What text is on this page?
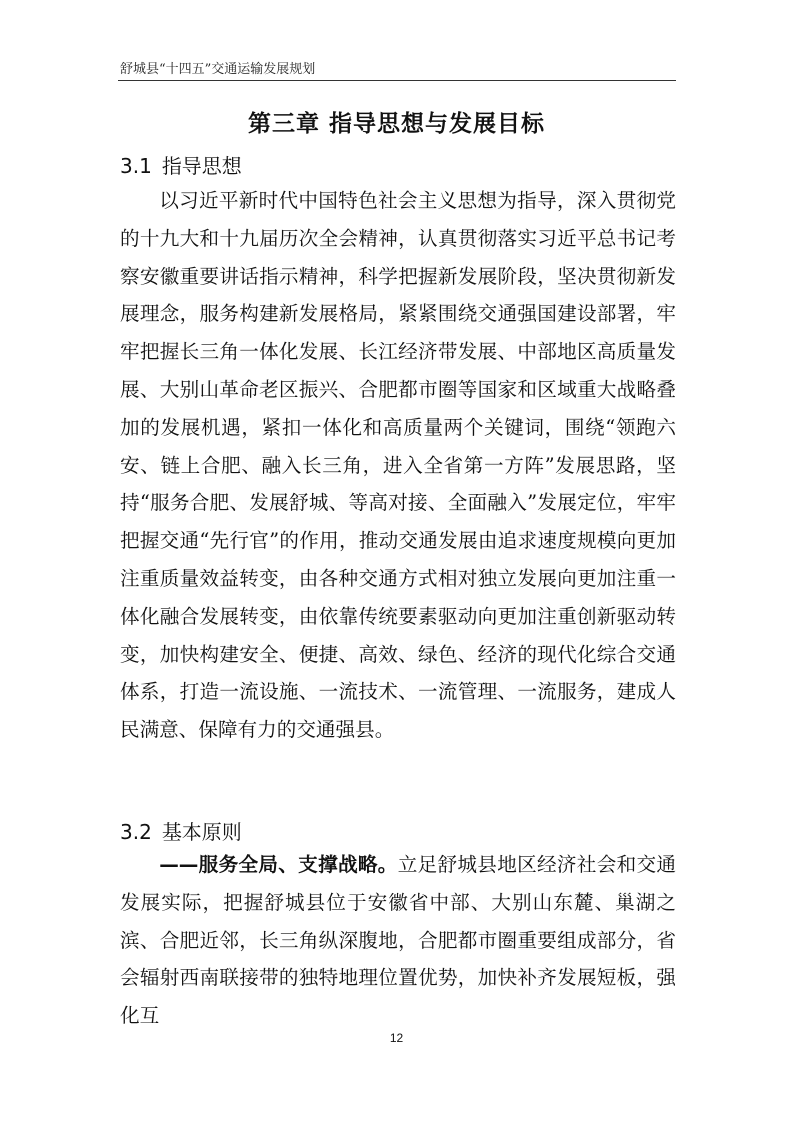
舒城县“十四五”交通运输发展规划
第三章 指导思想与发展目标
3.1 指导思想
以习近平新时代中国特色社会主义思想为指导，深入贯彻党的十九大和十九届历次全会精神，认真贯彻落实习近平总书记考察安徽重要讲话指示精神，科学把握新发展阶段，坚决贯彻新发展理念，服务构建新发展格局，紧紧围绕交通强国建设部署，牢牢把握长三角一体化发展、长江经济带发展、中部地区高质量发展、大别山革命老区振兴、合肥都市圈等国家和区域重大战略叠加的发展机遇，紧扣一体化和高质量两个关键词，围绕“领跑六安、链上合肥、融入长三角，进入全省第一方阵”发展思路，坚持“服务合肥、发展舒城、等高对接、全面融入”发展定位，牢牢把握交通“先行官”的作用，推动交通发展由追求速度规模向更加注重质量效益转变，由各种交通方式相对独立发展向更加注重一体化融合发展转变，由依靠传统要素驱动向更加注重创新驱动转变，加快构建安全、便捷、高效、绿色、经济的现代化综合交通体系，打造一流设施、一流技术、一流管理、一流服务，建成人民满意、保障有力的交通强县。
3.2 基本原则
——服务全局、支撑战略。立足舒城县地区经济社会和交通发展实际，把握舒城县位于安徽省中部、大别山东麓、巢湖之滨、合肥近邻，长三角纵深腹地，合肥都市圈重要组成部分，省会辐射西南联接带的独特地理位置优势，加快补齐发展短板，强化互
12
